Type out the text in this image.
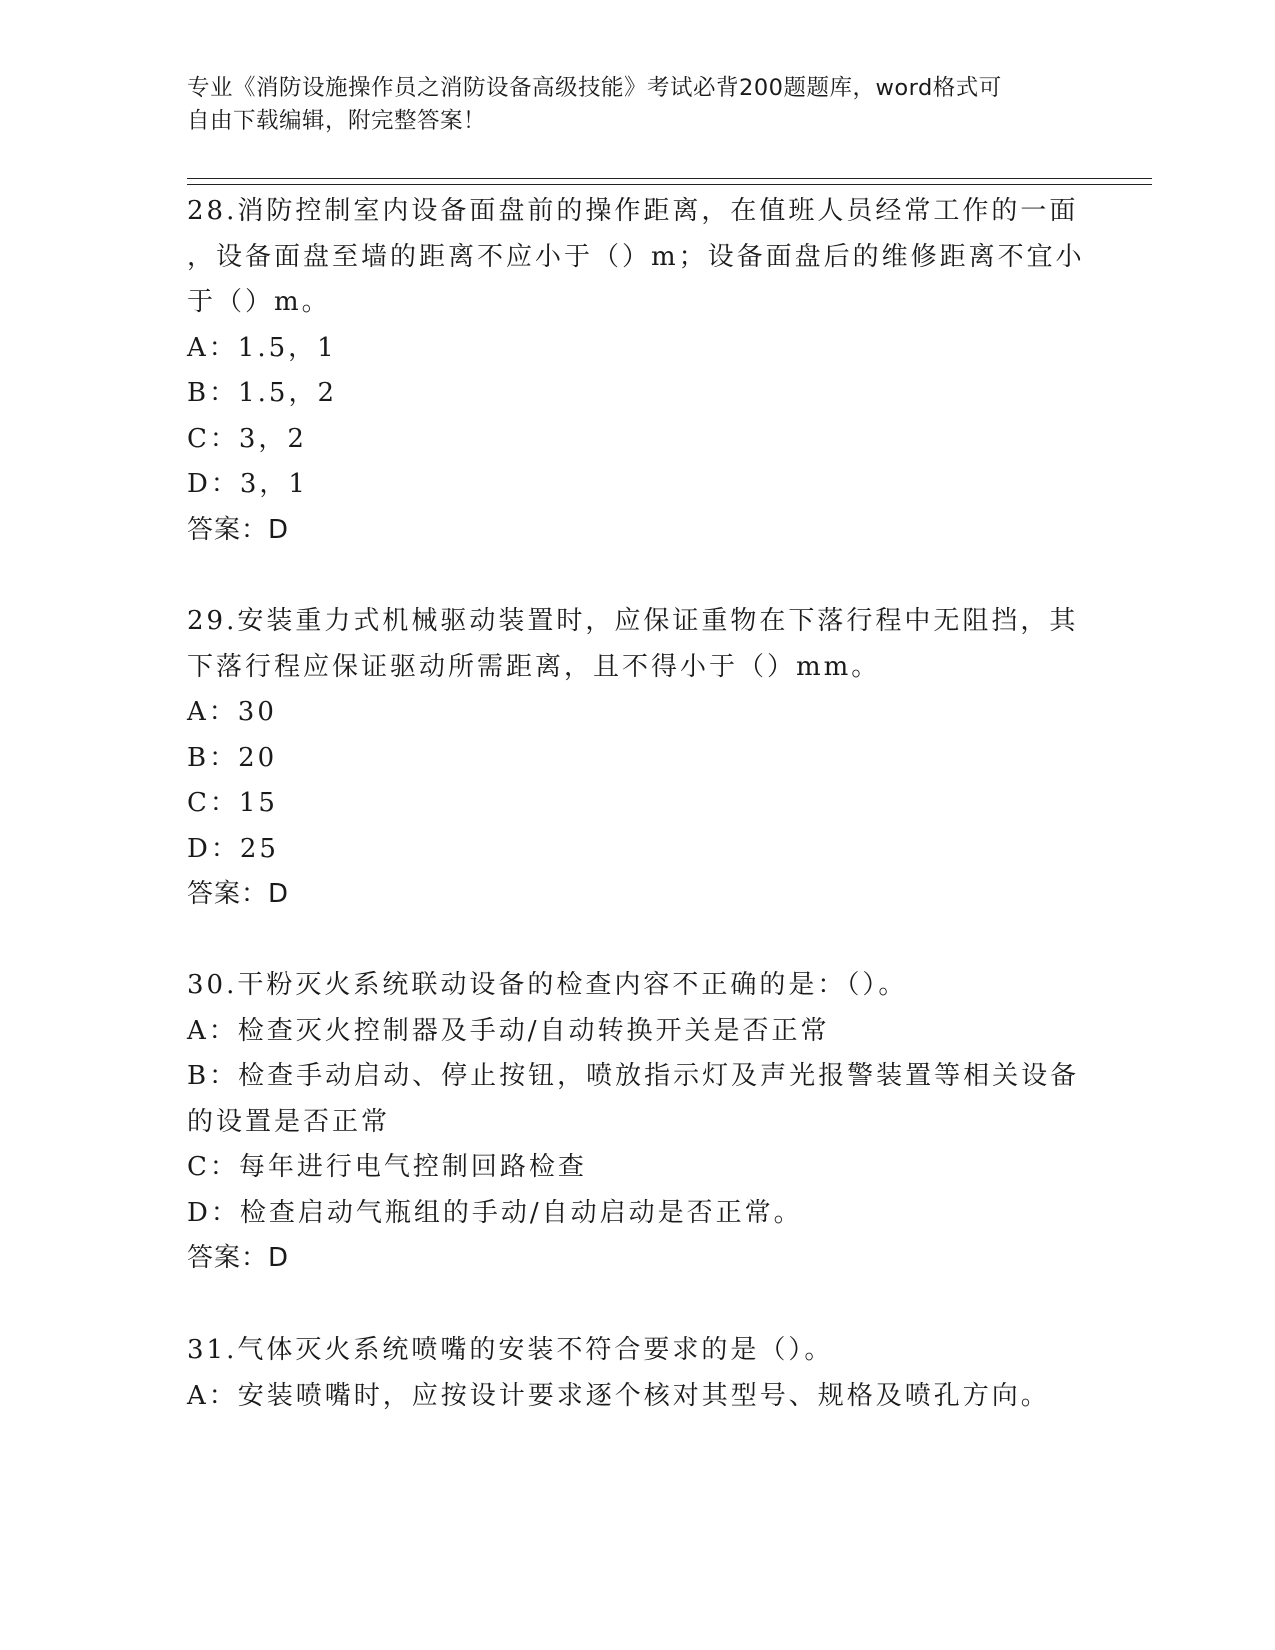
专业《消防设施操作员之消防设备高级技能》考试必背200题题库，word格式可
自由下载编辑，附完整答案！
28.消防控制室内设备面盘前的操作距离，在值班人员经常工作的一面
，设备面盘至墙的距离不应小于（）m；设备面盘后的维修距离不宜小
于（）m。
A：1.5，1
B：1.5，2
C：3，2
D：3，1
答案：D
29.安装重力式机械驱动装置时，应保证重物在下落行程中无阻挡，其
下落行程应保证驱动所需距离，且不得小于（）mm。
A：30
B：20
C：15
D：25
答案：D
30.干粉灭火系统联动设备的检查内容不正确的是：（）。
A：检查灭火控制器及手动/自动转换开关是否正常
B：检查手动启动、停止按钮，喷放指示灯及声光报警装置等相关设备
的设置是否正常
C：每年进行电气控制回路检查
D：检查启动气瓶组的手动/自动启动是否正常。
答案：D
31.气体灭火系统喷嘴的安装不符合要求的是（）。
A：安装喷嘴时，应按设计要求逐个核对其型号、规格及喷孔方向。
